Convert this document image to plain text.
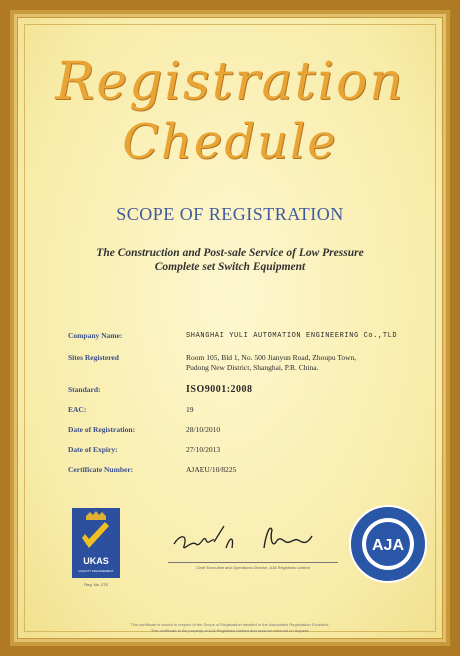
Registration
Chedule
SCOPE OF REGISTRATION
The Construction and Post-sale Service of Low Pressure
Complete set Switch Equipment
Company Name:	SHANGHAI YULI AUTOMATION ENGINEERING Co.,TLD
Sites Registered	Room 105, Bld 1, No. 500 Jianyun Road, Zhoupu Town,
Pudong New District, Shanghai, P.R. China.
Standard:	ISO9001:2008
EAC:	19
Date of Registration:	28/10/2010
Date of Expiry:	27/10/2013
Certificate Number:	AJAEU/10/8225
UKAS
QUALITY MANAGEMENT
Reg. No. 275
Chief Executive and Operations Director, AJA Registrars Limited
AJA
This certificate is issued in respect of the Scope of Registration detailed in the Associated Registration Schedule.
This certificate is the property of AJA Registrars Limited and must be returned on request.
